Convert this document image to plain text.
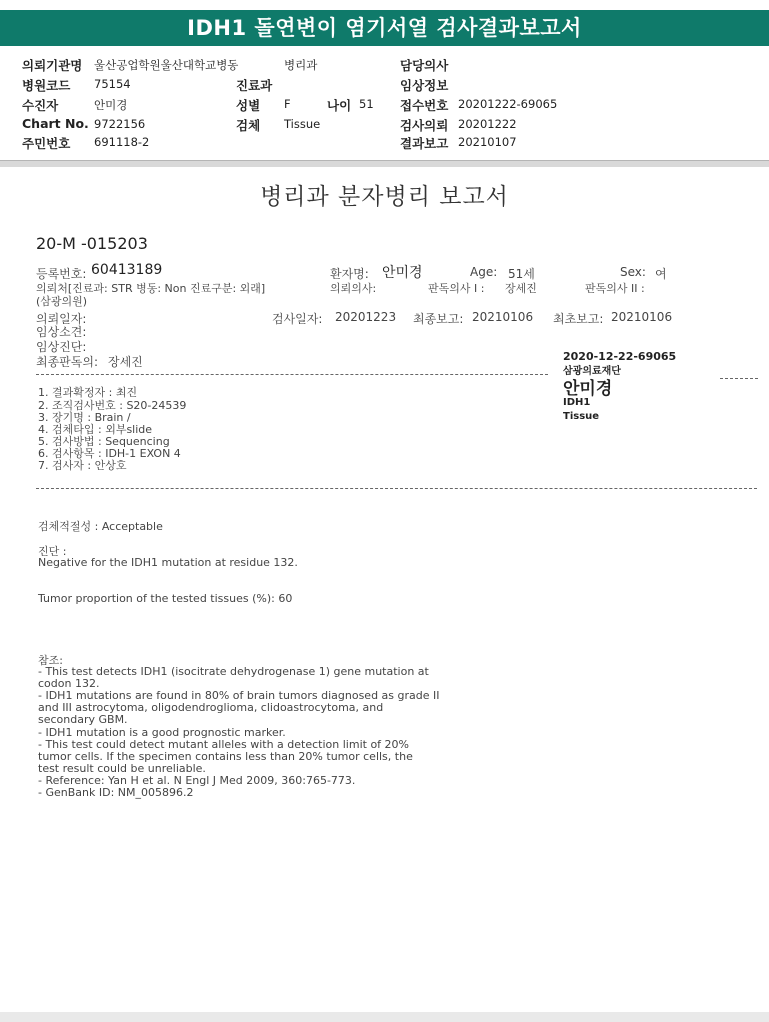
IDH1 돌연변이 염기서열 검사결과보고서
의뢰기관명 울산공업학원울산대학교병동	병리과	담당의사
병원코드 75154	진료과	임상정보
수진자	안미경	성별 F	나이 51 접수번호 20201222-69065
Chart No. 9722156	검체 Tissue	검사의뢰 20201222
주민번호 691118-2	결과보고 20210107
병리과 분자병리 보고서
20-M -015203
등록번호: 60413189	환자명: 안미경	Age: 51세	Sex: 여
의뢰처[진료과: STR 병동: Non 진료구분: 외래]	의뢰의사:	판독의사 I : 장세진	판독의사 II :
(삼광의원)
의뢰일자:	검사일자: 20201223 최종보고: 20210106 최초보고: 20210106
임상소견:
임상진단:
최종판독의: 장세진	2020-12-22-69065
삼광의료재단
안미경
IDH1
Tissue
1. 결과확정자 : 최진
2. 조직검사번호 : S20-24539
3. 장기명 : Brain /
4. 검체타입 : 외부slide
5. 검사방법 : Sequencing
6. 검사항목 : IDH-1 EXON 4
7. 검사자 : 안상호
검체적절성 : Acceptable
진단 :
Negative for the IDH1 mutation at residue 132.
Tumor proportion of the tested tissues (%): 60
참조:
- This test detects IDH1 (isocitrate dehydrogenase 1) gene mutation at
codon 132.
- IDH1 mutations are found in 80% of brain tumors diagnosed as grade II
and III astrocytoma, oligodendroglioma, clidoastrocytoma, and
secondary GBM.
- IDH1 mutation is a good prognostic marker.
- This test could detect mutant alleles with a detection limit of 20%
tumor cells. If the specimen contains less than 20% tumor cells, the
test result could be unreliable.
- Reference: Yan H et al. N Engl J Med 2009, 360:765-773.
- GenBank ID: NM_005896.2
